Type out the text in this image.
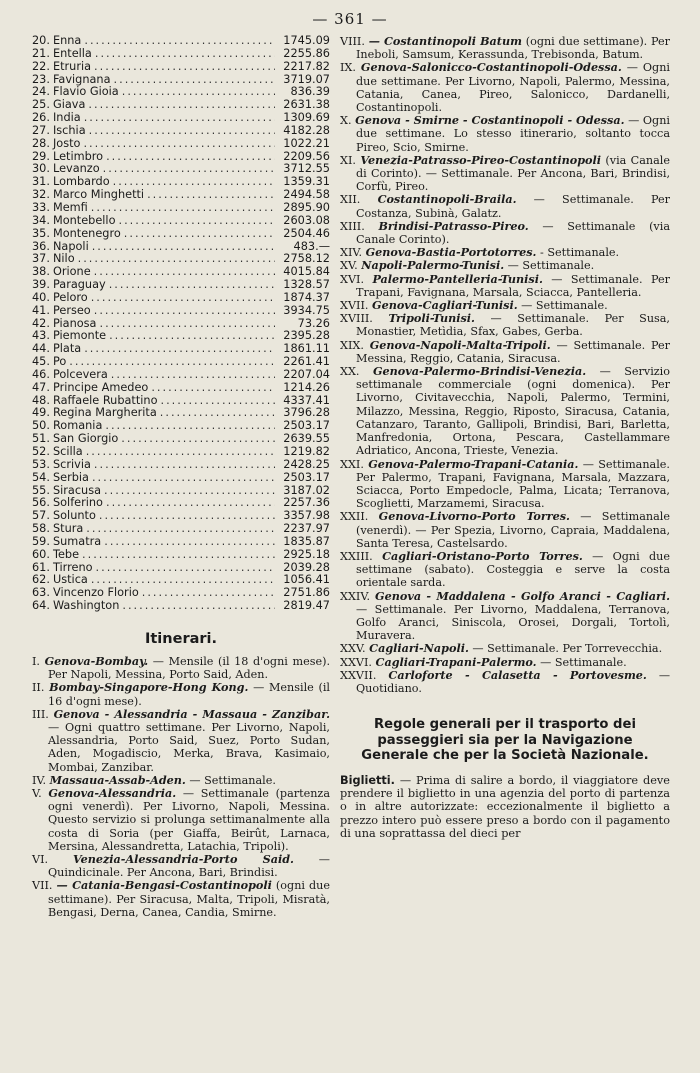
— 361 —
20. Enna .....	1745.09
21. Entella .....	2255.86
22. Etruria .....	2217.82
23. Favignana .....	3719.07
24. Flavio Gioia .....	836.39
25. Giava .....	2631.38
26. India .....	1309.69
27. Ischia .....	4182.28
28. Josto .....	1022.21
29. Letimbro .....	2209.56
30. Levanzo .....	3712.55
31. Lombardo .....	1359.31
32. Marco Minghetti .....	2494.58
33. Memfi .....	2895.90
34. Montebello .....	2603.08
35. Montenegro .....	2504.46
36. Napoli .....	483.—
37. Nilo .....	2758.12
38. Orione .....	4015.84
39. Paraguay .....	1328.57
40. Peloro .....	1874.37
41. Perseo .....	3934.75
42. Pianosa .....	73.26
43. Piemonte .....	2395.28
44. Plata .....	1861.11
45. Po .....	2261.41
46. Polcevera .....	2207.04
47. Principe Amedeo .....	1214.26
48. Raffaele Rubattino .....	4337.41
49. Regina Margherita .....	3796.28
50. Romania .....	2503.17
51. San Giorgio .....	2639.55
52. Scilla .....	1219.82
53. Scrivia .....	2428.25
54. Serbia .....	2503.17
55. Siracusa .....	3187.02
56. Solferino .....	2257.36
57. Solunto .....	3357.98
58. Stura .....	2237.97
59. Sumatra .....	1835.87
60. Tebe .....	2925.18
61. Tirreno .....	2039.28
62. Ustica .....	1056.41
63. Vincenzo Florio .....	2751.86
64. Washington .....	2819.47
Itinerari.

I. Genova-Bombay. — Mensile (il 18 d'ogni mese). Per Napoli, Messina, Porto Said, Aden.

II. Bombay-Singapore-Hong Kong. — Mensile (il 16 d'ogni mese).

III. Genova - Alessandria - Massaua - Zanzibar. — Ogni quattro settimane. Per Livorno, Napoli, Alessandria, Porto Said, Suez, Porto Sudan, Aden, Mogadiscio, Merka, Brava, Kasimaio, Mombai, Zanzibar.

IV. Massaua-Assab-Aden. — Settimanale.

V. Genova-Alessandria. — Settimanale (partenza ogni venerdì). Per Livorno, Napoli, Messina. Questo servizio si prolunga settimanalmente alla costa di Soria (per Giaffa, Beirût, Larnaca, Mersina, Alessandretta, Latachia, Tripoli).

VI. Venezia-Alessandria-Porto Said. — Quindicinale. Per Ancona, Bari, Brindisi.

VII. — Catania-Bengasi-Costantinopoli (ogni due settimane). Per Siracusa, Malta, Tripoli, Misratà, Bengasi, Derna, Canea, Candia, Smirne.

VIII. — Costantinopoli Batum (ogni due settimane). Per Ineboli, Samsum, Kerassunda, Trebisonda, Batum.

IX. Genova-Salonicco-Costantinopoli-Odessa. — Ogni due settimane. Per Livorno, Napoli, Palermo, Messina, Catania, Canea, Pireo, Salonicco, Dardanelli, Costantinopoli.

X. Genova - Smirne - Costantinopoli - Odessa. — Ogni due settimane. Lo stesso itinerario, soltanto tocca Pireo, Scio, Smirne.

XI. Venezia-Patrasso-Pireo-Costantinopoli (via Canale di Corinto). — Settimanale. Per Ancona, Bari, Brindisi, Corfù, Pireo.

XII. Costantinopoli-Braila. — Settimanale. Per Costanza, Subinà, Galatz.

XIII. Brindisi-Patrasso-Pireo. — Settimanale (via Canale Corinto).

XIV. Genova-Bastia-Portotorres. - Settimanale.

XV. Napoli-Palermo-Tunisi. — Settimanale.

XVI. Palermo-Pantelleria-Tunisi. — Settimanale. Per Trapani, Favignana, Marsala, Sciacca, Pantelleria.

XVII. Genova-Cagliari-Tunisi. — Settimanale.

XVIII. Tripoli-Tunisi. — Settimanale. Per Susa, Monastier, Metìdia, Sfax, Gabes, Gerba.

XIX. Genova-Napoli-Malta-Tripoli. — Settimanale. Per Messina, Reggio, Catania, Siracusa.

XX. Genova-Palermo-Brindisi-Venezia. — Servizio settimanale commerciale (ogni domenica). Per Livorno, Civitavecchia, Napoli, Palermo, Termini, Milazzo, Messina, Reggio, Riposto, Siracusa, Catania, Catanzaro, Taranto, Gallipoli, Brindisi, Bari, Barletta, Manfredonia, Ortona, Pescara, Castellammare Adriatico, Ancona, Trieste, Venezia.

XXI. Genova-Palermo-Trapani-Catania. — Settimanale. Per Palermo, Trapani, Favignana, Marsala, Mazzara, Sciacca, Porto Empedocle, Palma, Licata; Terranova, Scoglietti, Marzamemi, Siracusa.

XXII. Genova-Livorno-Porto Torres. — Settimanale (venerdì). — Per Spezia, Livorno, Capraia, Maddalena, Santa Teresa, Castelsardo.

XXIII. Cagliari-Oristano-Porto Torres. — Ogni due settimane (sabato). Costeggia e serve la costa orientale sarda.

XXIV. Genova - Maddalena - Golfo Aranci - Cagliari. — Settimanale. Per Livorno, Maddalena, Terranova, Golfo Aranci, Siniscola, Orosei, Dorgali, Tortolì, Muravera.

XXV. Cagliari-Napoli. — Settimanale. Per Torrevecchia.

XXVI. Cagliari-Trapani-Palermo. — Settimanale.

XXVII. Carloforte - Calasetta - Portovesme. — Quotidiano.

Regole generali per il trasporto dei passeggieri sia per la Navigazione Generale che per la Società Nazionale.

Biglietti. — Prima di salire a bordo, il viaggiatore deve prendere il biglietto in una agenzia del porto di partenza o in altre autorizzate: eccezionalmente il biglietto a prezzo intero può essere preso a bordo con il pagamento di una soprattassa del dieci per
